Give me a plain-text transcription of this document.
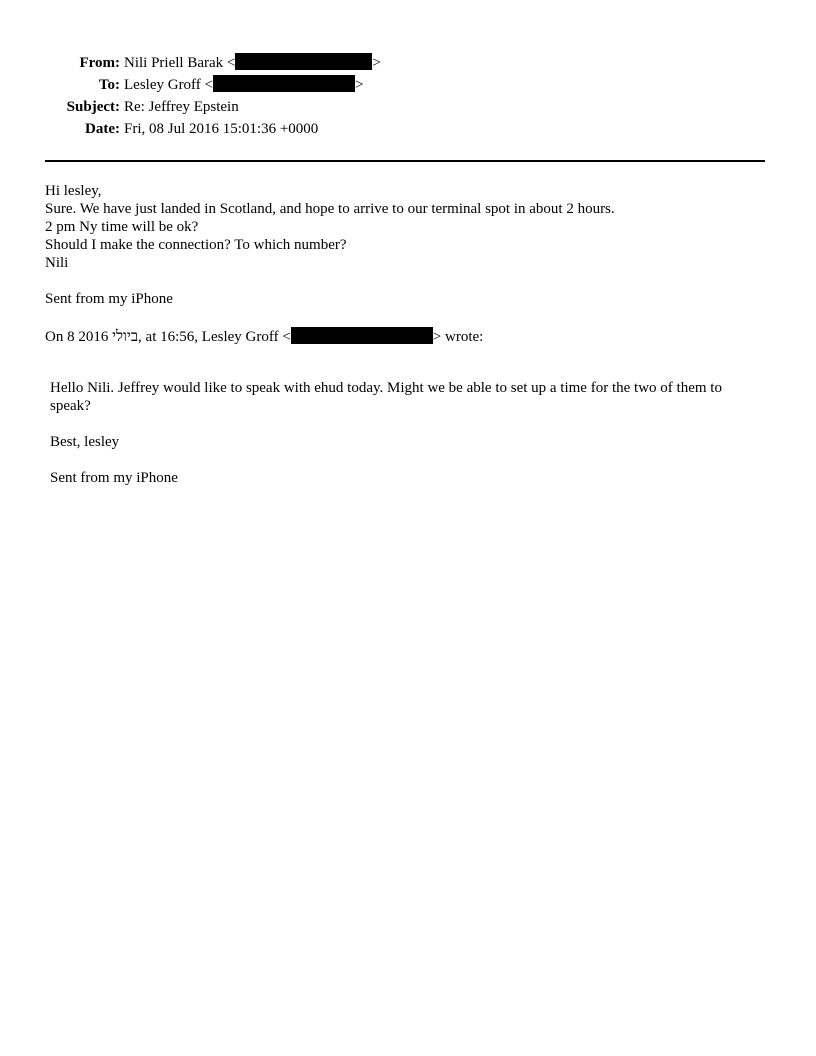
From: Nili Priell Barak <	>
To: Lesley Groff <	>
Subject: Re: Jeffrey Epstein
Date: Fri, 08 Jul 2016 15:01:36 +0000
Hi lesley,
Sure. We have just landed in Scotland, and hope to arrive to our terminal spot in about 2 hours.
2 pm Ny time will be ok?
Should I make the connection? To which number?
Nili
Sent from my iPhone
On 8 2016 ביולי, at 16:56, Lesley Groff <	> wrote:

Hello Nili. Jeffrey would like to speak with ehud today. Might we be able to set up a time for the two of them to speak?

Best, lesley

Sent from my iPhone
